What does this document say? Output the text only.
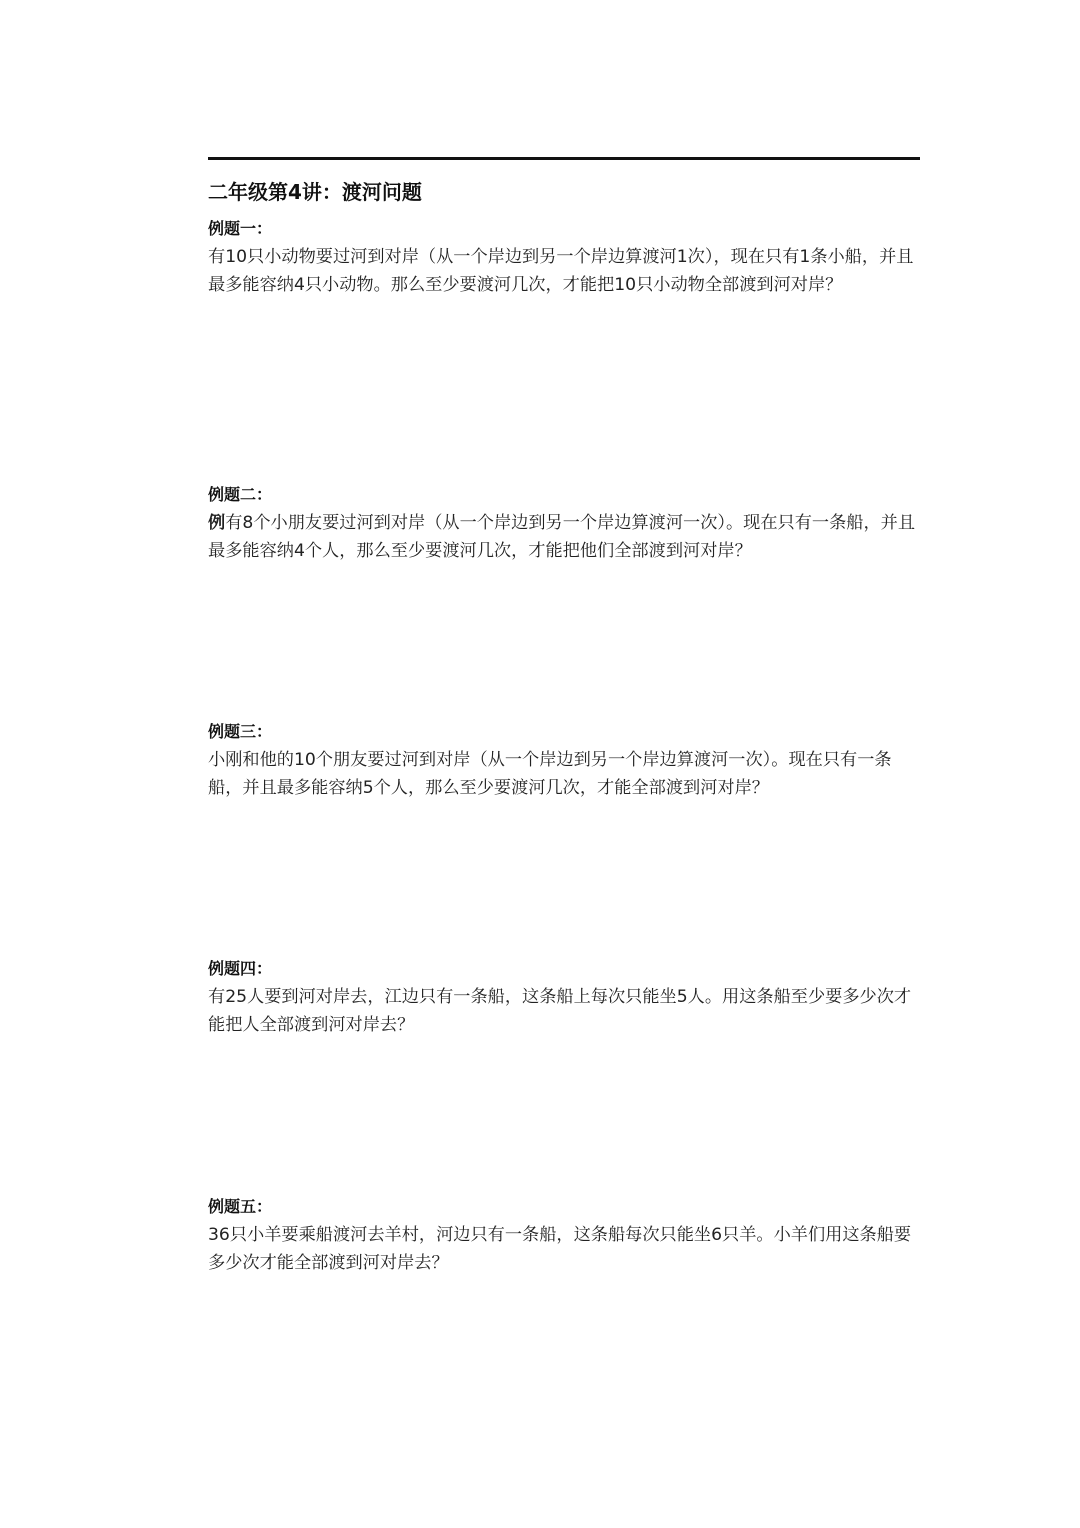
二年级第4讲：渡河问题
例题一：

有10只小动物要过河到对岸（从一个岸边到另一个岸边算渡河1次），现在只有1条小船，并且最多能容纳4只小动物。那么至少要渡河几次，才能把10只小动物全部渡到河对岸？

例题二：

例有8个小朋友要过河到对岸（从一个岸边到另一个岸边算渡河一次）。现在只有一条船，并且最多能容纳4个人，那么至少要渡河几次，才能把他们全部渡到河对岸？

例题三：

小刚和他的10个朋友要过河到对岸（从一个岸边到另一个岸边算渡河一次）。现在只有一条船，并且最多能容纳5个人，那么至少要渡河几次，才能全部渡到河对岸？

例题四：

有25人要到河对岸去，江边只有一条船，这条船上每次只能坐5人。用这条船至少要多少次才能把人全部渡到河对岸去？

例题五：

36只小羊要乘船渡河去羊村，河边只有一条船，这条船每次只能坐6只羊。小羊们用这条船要多少次才能全部渡到河对岸去？
